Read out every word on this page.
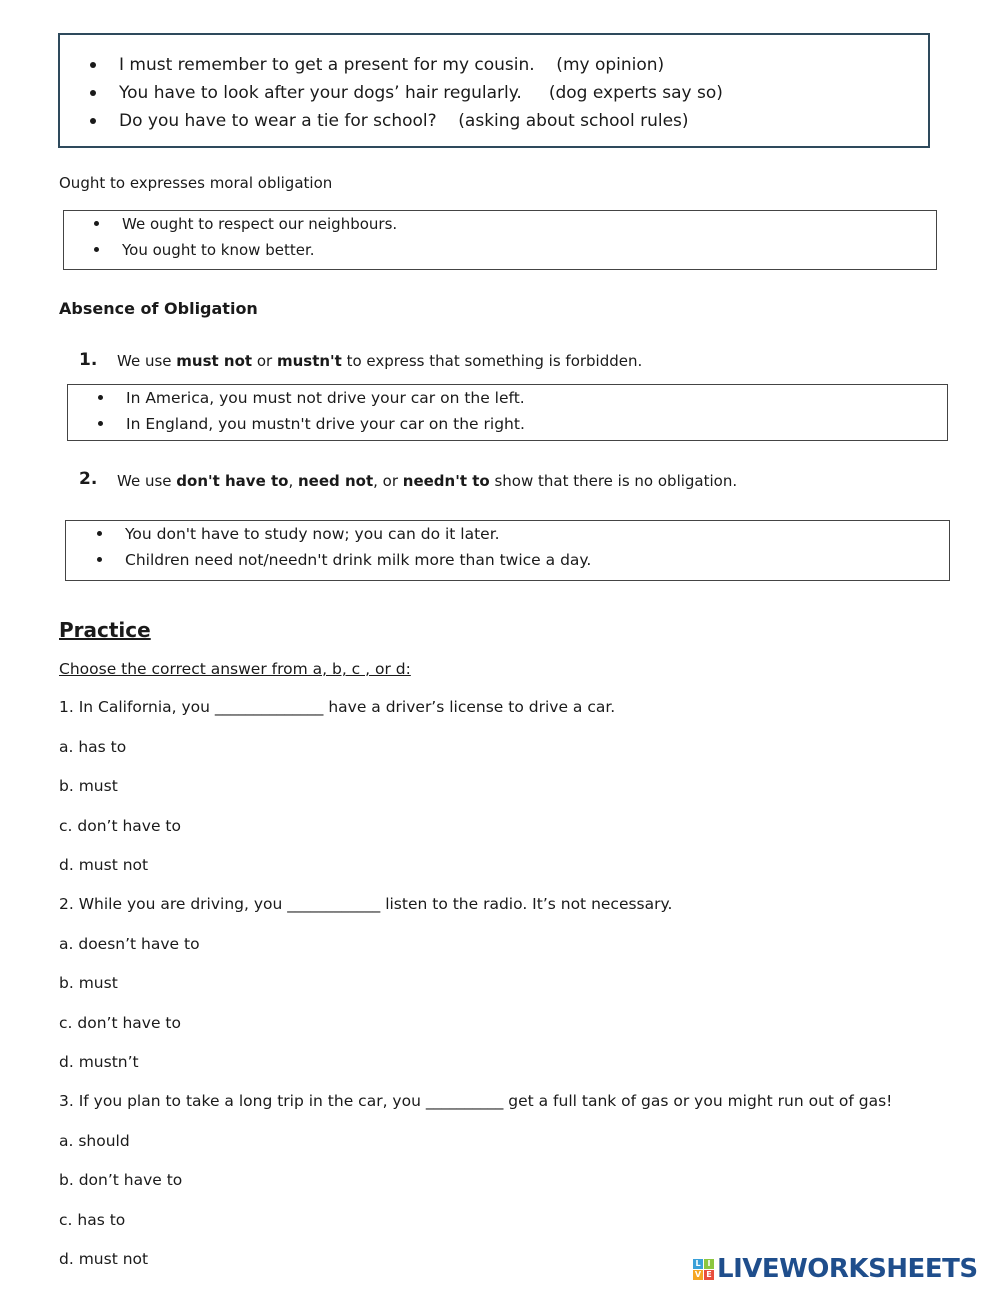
I must remember to get a present for my cousin.    (my opinion)
You have to look after your dogs’ hair regularly.     (dog experts say so)
Do you have to wear a tie for school?    (asking about school rules)
Ought to expresses moral obligation
We ought to respect our neighbours.
You ought to know better.
Absence of Obligation
1. We use must not or mustn't to express that something is forbidden.
In America, you must not drive your car on the left.
In England, you mustn't drive your car on the right.
2. We use don't have to, need not, or needn't to show that there is no obligation.
You don't have to study now; you can do it later.
Children need not/needn't drink milk more than twice a day.
Practice
Choose the correct answer from a, b, c , or d:
1. In California, you ______________ have a driver’s license to drive a car.
a. has to
b. must
c. don’t have to
d. must not
2. While you are driving, you ____________ listen to the radio. It’s not necessary.
a. doesn’t have to
b. must
c. don’t have to
d. mustn’t
3. If you plan to take a long trip in the car, you __________ get a full tank of gas or you might run out of gas!
a. should
b. don’t have to
c. has to
d. must not	L I
V E LIVEWORKSHEETS
